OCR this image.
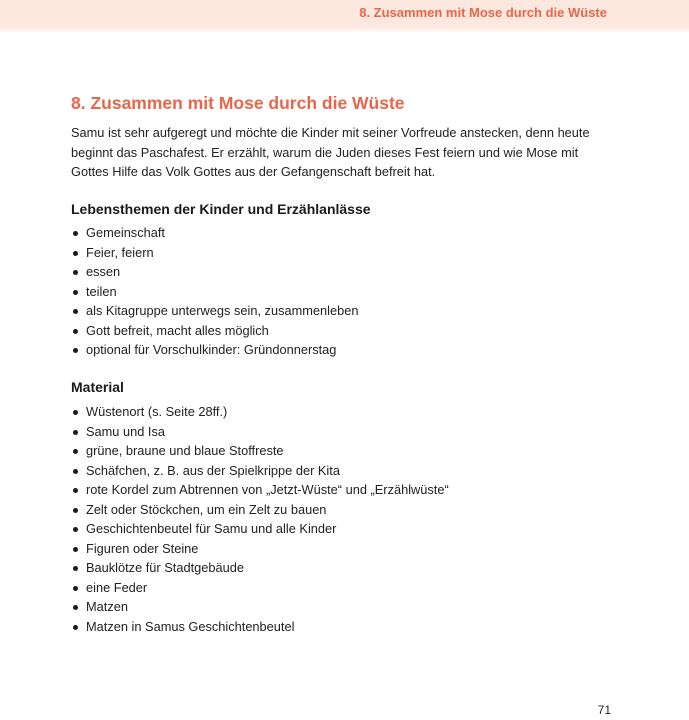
8. Zusammen mit Mose durch die Wüste
8. Zusammen mit Mose durch die Wüste

Samu ist sehr aufgeregt und möchte die Kinder mit seiner Vorfreude anstecken, denn heute beginnt das Paschafest. Er erzählt, warum die Juden dieses Fest feiern und wie Mose mit Gottes Hilfe das Volk Gottes aus der Gefangenschaft befreit hat.

Lebensthemen der Kinder und Erzählanlässe
Gemeinschaft
Feier, feiern
essen
teilen
als Kitagruppe unterwegs sein, zusammenleben
Gott befreit, macht alles möglich
optional für Vorschulkinder: Gründonnerstag
Material
Wüstenort (s. Seite 28ff.)
Samu und Isa
grüne, braune und blaue Stoffreste
Schäfchen, z. B. aus der Spielkrippe der Kita
rote Kordel zum Abtrennen von „Jetzt-Wüste“ und „Erzählwüste“
Zelt oder Stöckchen, um ein Zelt zu bauen
Geschichtenbeutel für Samu und alle Kinder
Figuren oder Steine
Bauklötze für Stadtgebäude
eine Feder
Matzen
Matzen in Samus Geschichtenbeutel
71
